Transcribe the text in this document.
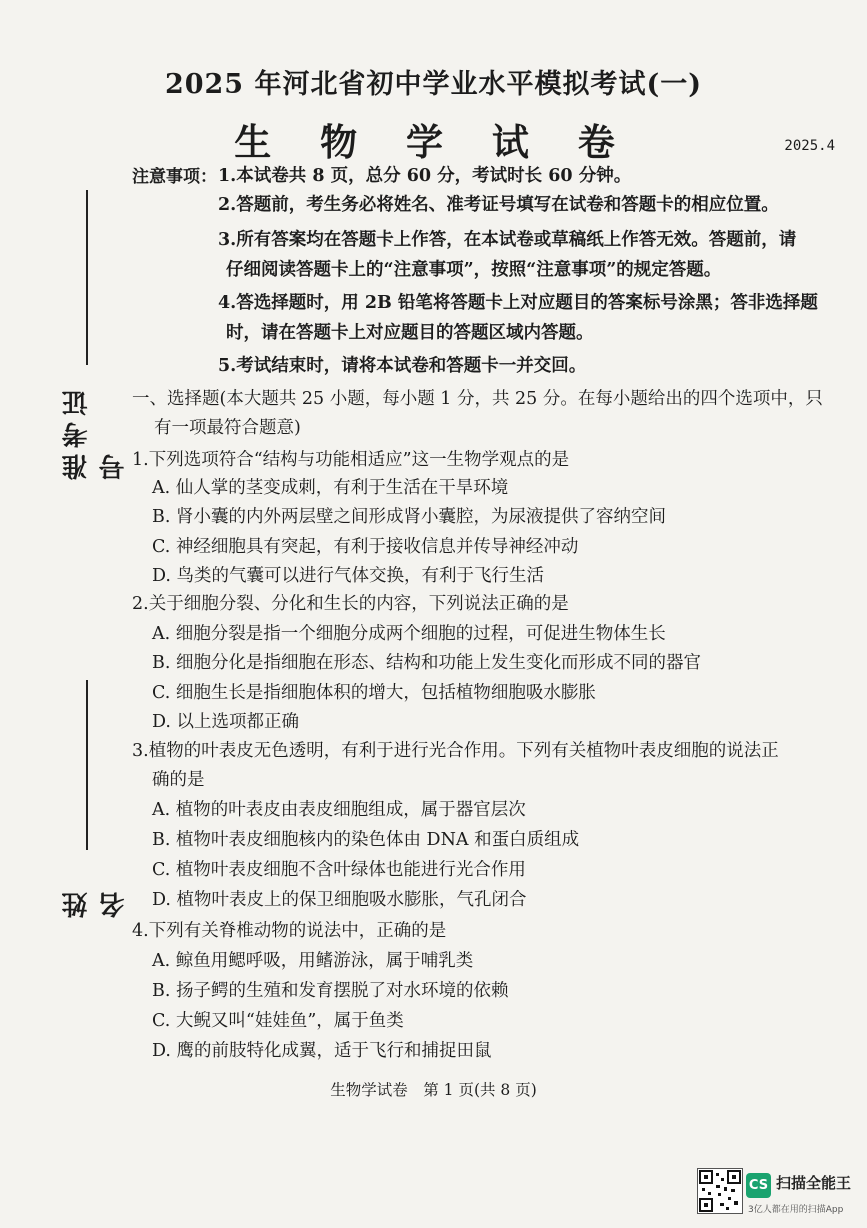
2025 年河北省初中学业水平模拟考试(一)
生 物 学 试 卷	2025.4
注意事项： 1.本试卷共 8 页，总分 60 分，考试时长 60 分钟。
2.答题前，考生务必将姓名、准考证号填写在试卷和答题卡的相应位置。
3.所有答案均在答题卡上作答，在本试卷或草稿纸上作答无效。答题前，请
仔细阅读答题卡上的“注意事项”，按照“注意事项”的规定答题。
4.答选择题时，用 2B 铅笔将答题卡上对应题目的答案标号涂黑；答非选择题
时，请在答题卡上对应题目的答题区域内答题。
5.考试结束时，请将本试卷和答题卡一并交回。
准考证号
姓名
一、选择题(本大题共 25 小题，每小题 1 分，共 25 分。在每小题给出的四个选项中，只
有一项最符合题意)
1.下列选项符合“结构与功能相适应”这一生物学观点的是
A. 仙人掌的茎变成刺，有利于生活在干旱环境
B. 肾小囊的内外两层壁之间形成肾小囊腔，为尿液提供了容纳空间
C. 神经细胞具有突起，有利于接收信息并传导神经冲动
D. 鸟类的气囊可以进行气体交换，有利于飞行生活
2.关于细胞分裂、分化和生长的内容，下列说法正确的是
A. 细胞分裂是指一个细胞分成两个细胞的过程，可促进生物体生长
B. 细胞分化是指细胞在形态、结构和功能上发生变化而形成不同的器官
C. 细胞生长是指细胞体积的增大，包括植物细胞吸水膨胀
D. 以上选项都正确
3.植物的叶表皮无色透明，有利于进行光合作用。下列有关植物叶表皮细胞的说法正
确的是
A. 植物的叶表皮由表皮细胞组成，属于器官层次
B. 植物叶表皮细胞核内的染色体由 DNA 和蛋白质组成
C. 植物叶表皮细胞不含叶绿体也能进行光合作用
D. 植物叶表皮上的保卫细胞吸水膨胀，气孔闭合
4.下列有关脊椎动物的说法中，正确的是
A. 鲸鱼用鳃呼吸，用鳍游泳，属于哺乳类
B. 扬子鳄的生殖和发育摆脱了对水环境的依赖
C. 大鲵又叫“娃娃鱼”，属于鱼类
D. 鹰的前肢特化成翼，适于飞行和捕捉田鼠
生物学试卷　第 1 页(共 8 页)
CS 扫描全能王
3亿人都在用的扫描App
